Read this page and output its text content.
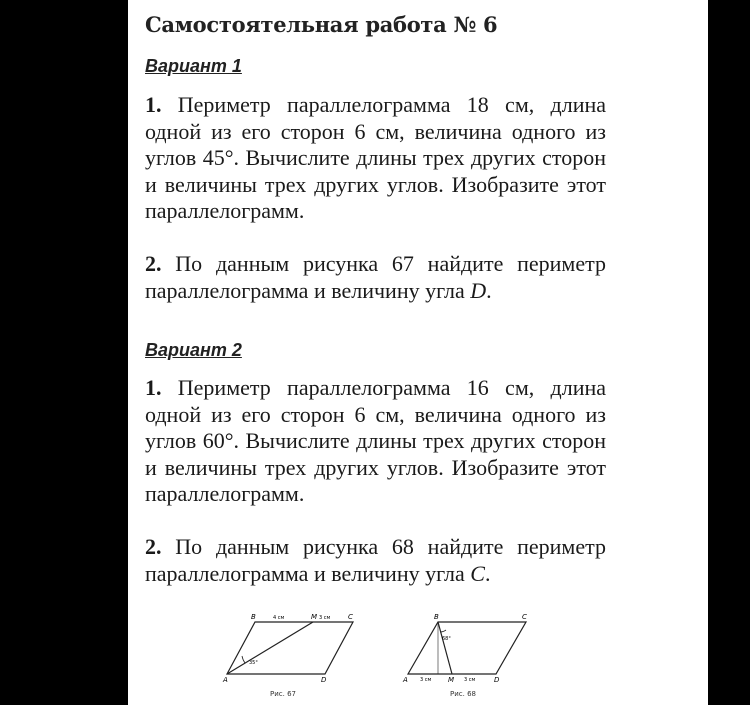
Самостоятельная работа № 6
Вариант 1

1. Периметр параллелограмма 18 см, длина одной из его сторон 6 см, величина одного из углов 45°. Вычислите длины трех других сторон и величины трех других углов. Изобразите этот параллелограмм.

2. По данным рисунка 67 найдите периметр параллелограмма и величину угла D.

Вариант 2

1. Периметр параллелограмма 16 см, длина одной из его сторон 6 см, величина одного из углов 60°. Вычислите длины трех других сторон и величины трех других углов. Изобразите этот параллелограмм.

2. По данным рисунка 68 найдите периметр параллелограмма и величину угла C.

A
B	M	C
D
4 см	3 см
35°
Рис. 67
A
B	C
M	D
3 см	3 см
68°
Рис. 68
